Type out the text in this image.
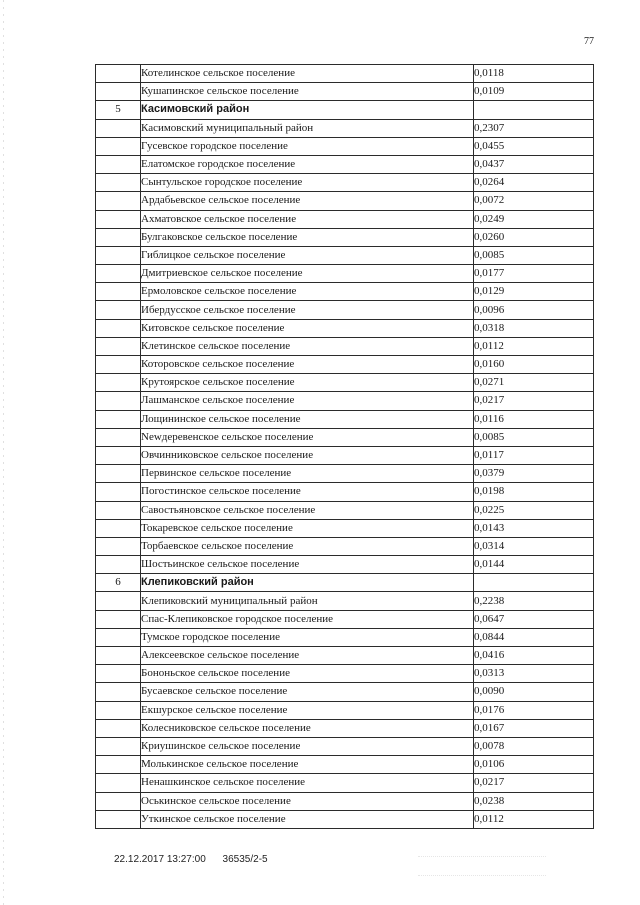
77
	Котелинское сельское поселение	0,0118
	Кушапинское сельское поселение	0,0109
5	Касимовский район	
	Касимовский муниципальный район	0,2307
	Гусевское городское поселение	0,0455
	Елатомское городское поселение	0,0437
	Сынтульское городское поселение	0,0264
	Ардабьевское сельское поселение	0,0072
	Ахматовское сельское поселение	0,0249
	Булгаковское сельское поселение	0,0260
	Гиблицкое сельское поселение	0,0085
	Дмитриевское сельское поселение	0,0177
	Ермоловское сельское поселение	0,0129
	Ибердусское сельское поселение	0,0096
	Китовское сельское поселение	0,0318
	Клетинское сельское поселение	0,0112
	Которовское сельское поселение	0,0160
	Крутоярское сельское поселение	0,0271
	Лашманское сельское поселение	0,0217
	Лощининское сельское поселение	0,0116
	Newдеревенское сельское поселение	0,0085
	Овчинниковское сельское поселение	0,0117
	Первинское сельское поселение	0,0379
	Погостинское сельское поселение	0,0198
	Савостьяновское сельское поселение	0,0225
	Токаревское сельское поселение	0,0143
	Торбаевское сельское поселение	0,0314
	Шостьинское сельское поселение	0,0144
6	Клепиковский район	
	Клепиковский муниципальный район	0,2238
	Спас-Клепиковское городское поселение	0,0647
	Тумское городское поселение	0,0844
	Алексеевское сельское поселение	0,0416
	Бононьское сельское поселение	0,0313
	Бусаевское сельское поселение	0,0090
	Екшурское сельское поселение	0,0176
	Колесниковское сельское поселение	0,0167
	Криушинское сельское поселение	0,0078
	Молькинское сельское поселение	0,0106
	Ненашкинское сельское поселение	0,0217
	Оськинское сельское поселение	0,0238
	Уткинское сельское поселение	0,0112
22.12.2017 13:27:00 36535/2-5
